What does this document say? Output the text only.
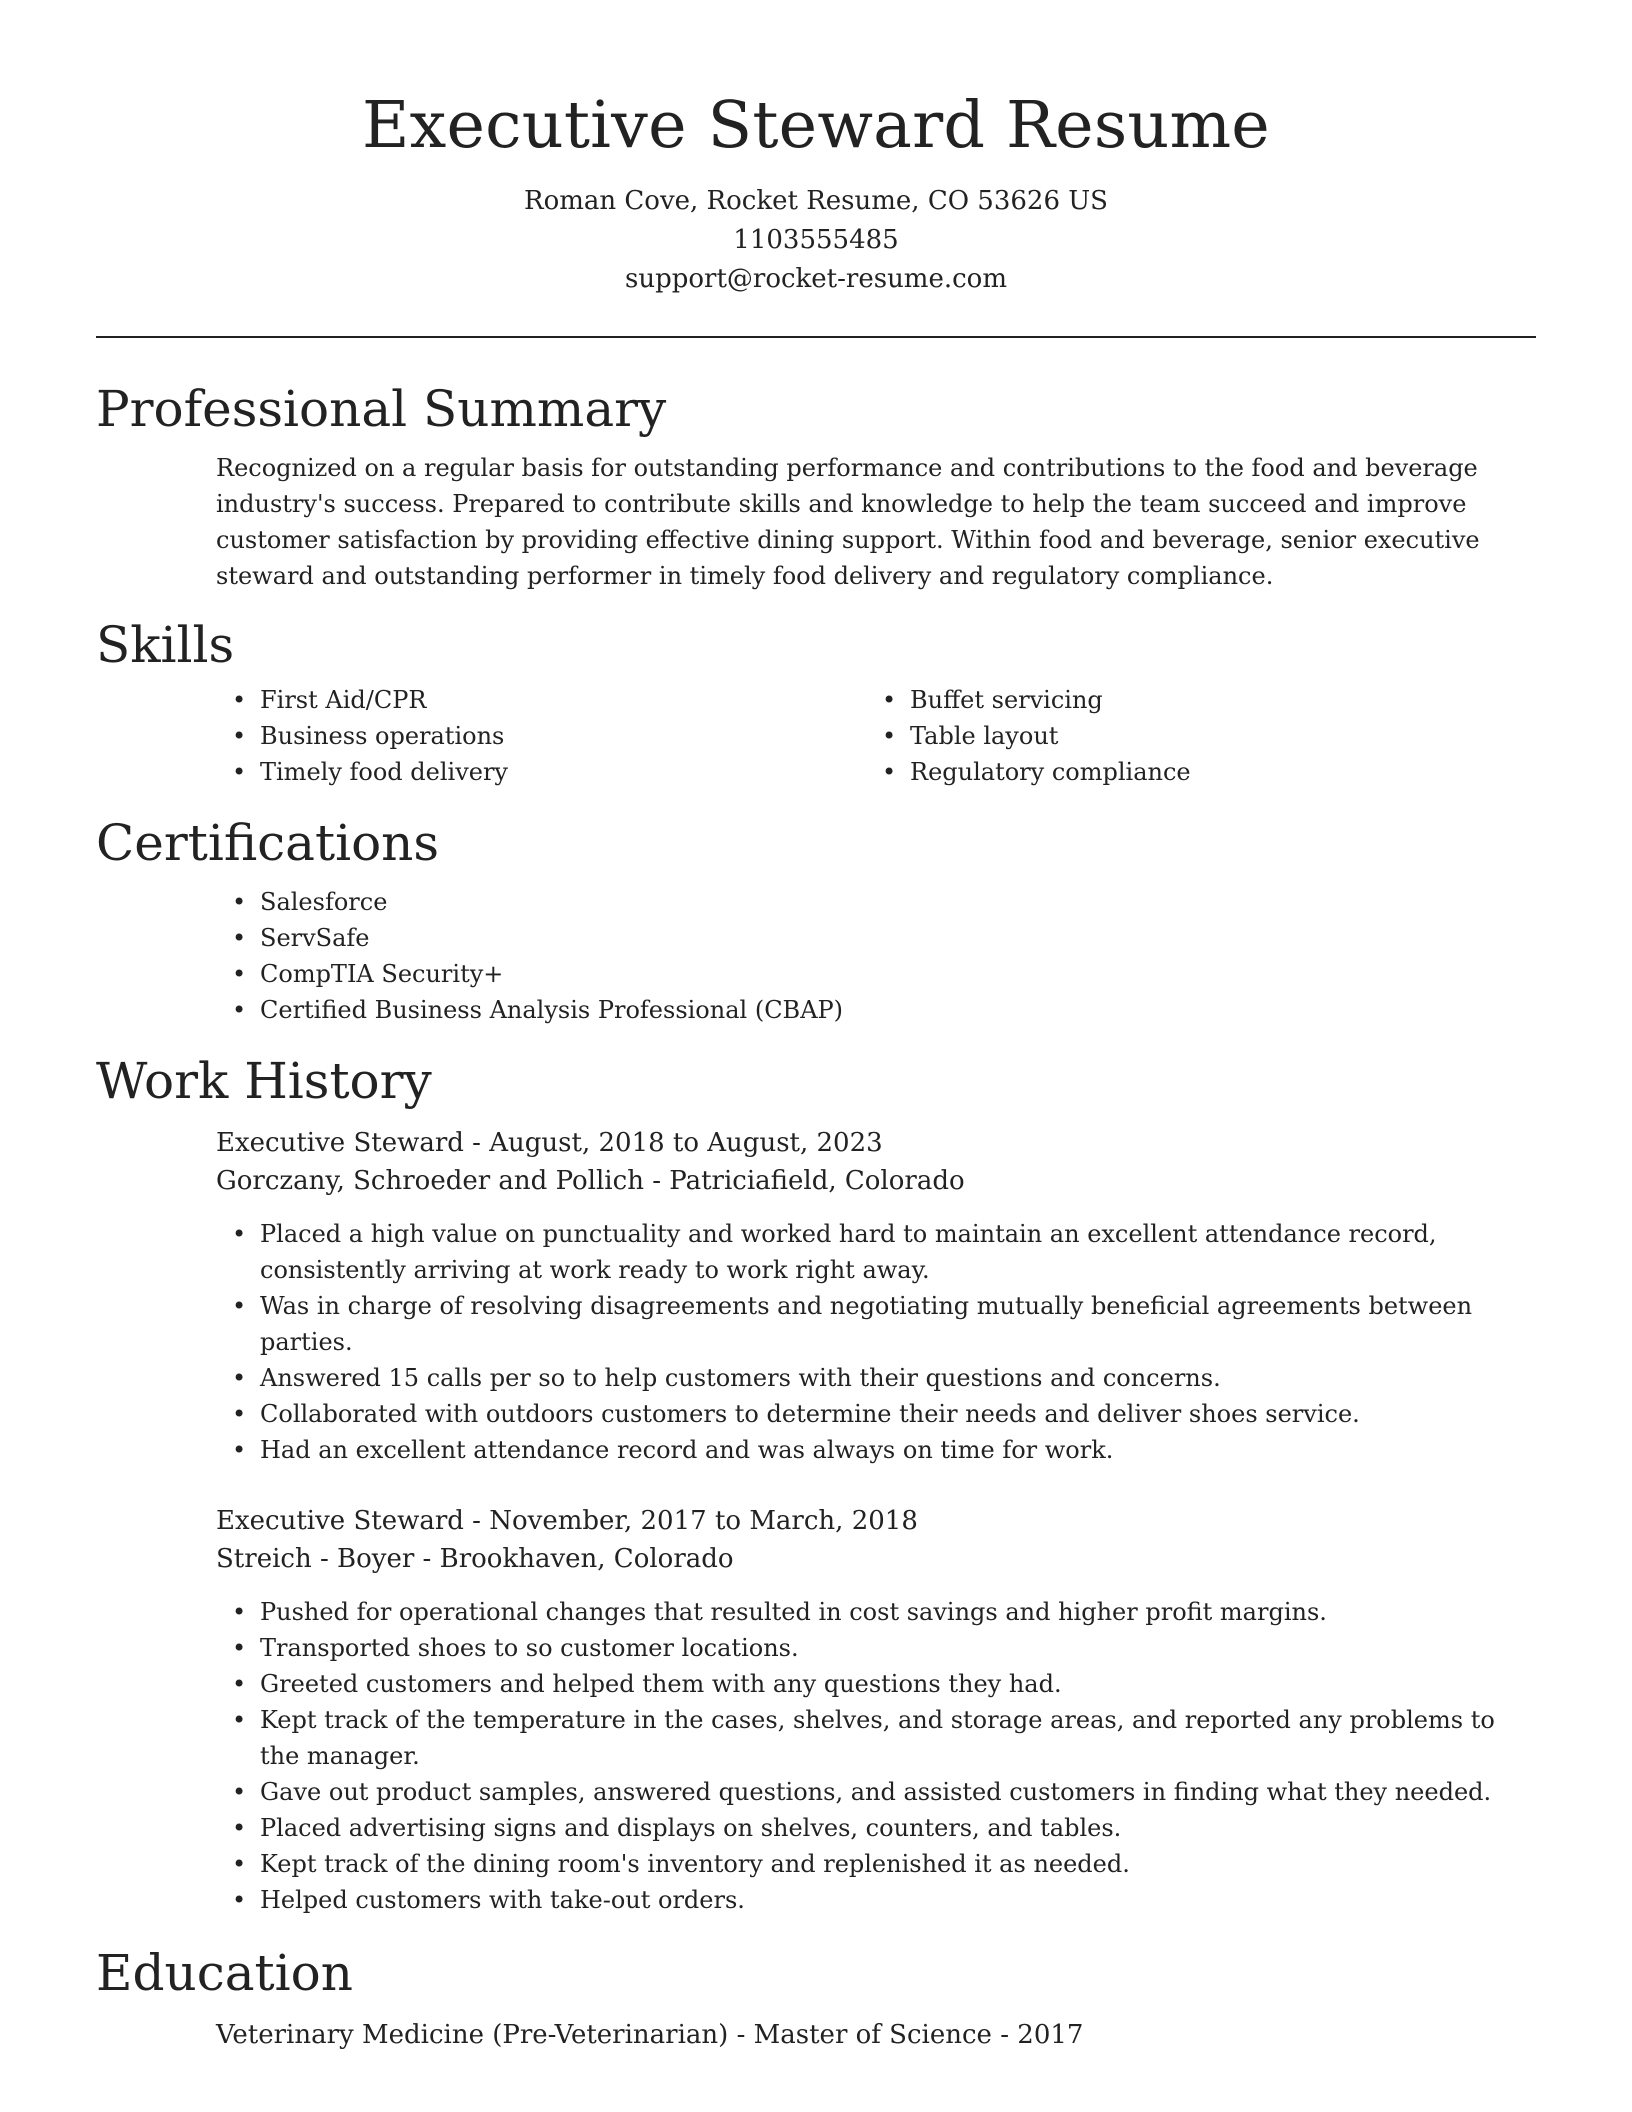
Executive Steward Resume
Roman Cove, Rocket Resume, CO 53626 US
1103555485
support@rocket-resume.com
Professional Summary

Recognized on a regular basis for outstanding performance and contributions to the food and beverage industry's success. Prepared to contribute skills and knowledge to help the team succeed and improve customer satisfaction by providing effective dining support. Within food and beverage, senior executive steward and outstanding performer in timely food delivery and regulatory compliance.

Skills
• First Aid/CPR
• Business operations
• Timely food delivery
• Buffet servicing
• Table layout
• Regulatory compliance
Certifications
• Salesforce
• ServSafe
• CompTIA Security+
• Certified Business Analysis Professional (CBAP)
Work History
Executive Steward - August, 2018 to August, 2023
Gorczany, Schroeder and Pollich - Patriciafield, Colorado
• Placed a high value on punctuality and worked hard to maintain an excellent attendance record, consistently arriving at work ready to work right away.
• Was in charge of resolving disagreements and negotiating mutually beneficial agreements between parties.
• Answered 15 calls per so to help customers with their questions and concerns.
• Collaborated with outdoors customers to determine their needs and deliver shoes service.
• Had an excellent attendance record and was always on time for work.
Executive Steward - November, 2017 to March, 2018
Streich - Boyer - Brookhaven, Colorado
• Pushed for operational changes that resulted in cost savings and higher profit margins.
• Transported shoes to so customer locations.
• Greeted customers and helped them with any questions they had.
• Kept track of the temperature in the cases, shelves, and storage areas, and reported any problems to the manager.
• Gave out product samples, answered questions, and assisted customers in finding what they needed.
• Placed advertising signs and displays on shelves, counters, and tables.
• Kept track of the dining room's inventory and replenished it as needed.
• Helped customers with take-out orders.
Education
Veterinary Medicine (Pre-Veterinarian) - Master of Science - 2017
